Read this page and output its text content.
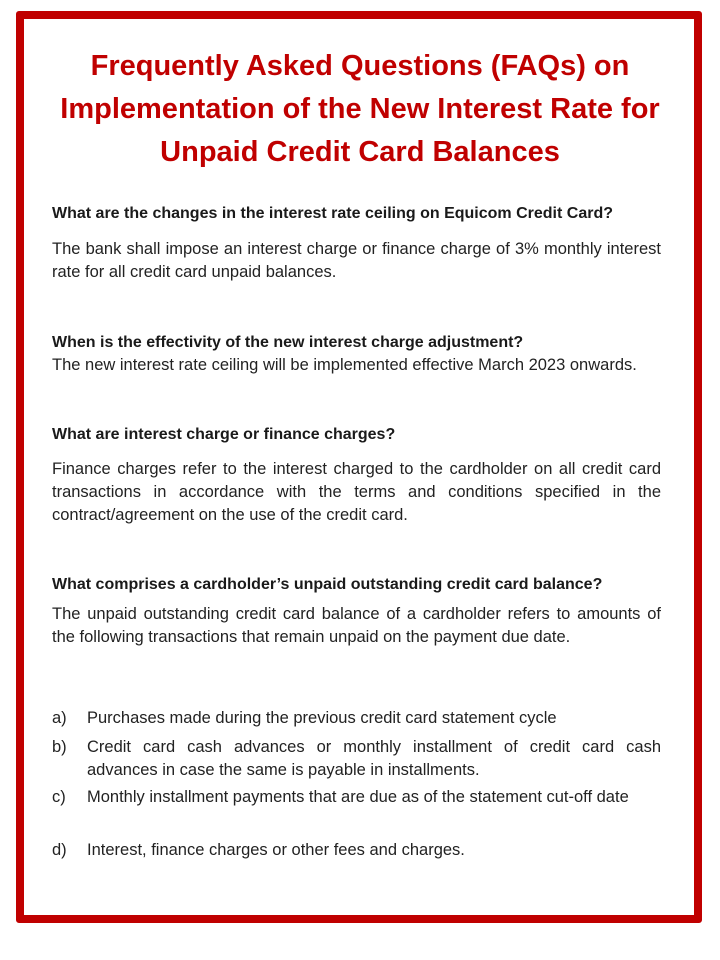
Frequently Asked Questions (FAQs) on Implementation of the New Interest Rate for Unpaid Credit Card Balances

What are the changes in the interest rate ceiling on Equicom Credit Card?

The bank shall impose an interest charge or finance charge of 3% monthly interest rate for all credit card unpaid balances.

When is the effectivity of the new interest charge adjustment?

The new interest rate ceiling will be implemented effective March 2023 onwards.

What are interest charge or finance charges?

Finance charges refer to the interest charged to the cardholder on all credit card transactions in accordance with the terms and conditions specified in the contract/agreement on the use of the credit card.

What comprises a cardholder’s unpaid outstanding credit card balance?

The unpaid outstanding credit card balance of a cardholder refers to amounts of the following transactions that remain unpaid on the payment due date.

a) Purchases made during the previous credit card statement cycle
b) Credit card cash advances or monthly installment of credit card cash advances in case the same is payable in installments.
c) Monthly installment payments that are due as of the statement cut-off date
d) Interest, finance charges or other fees and charges.
